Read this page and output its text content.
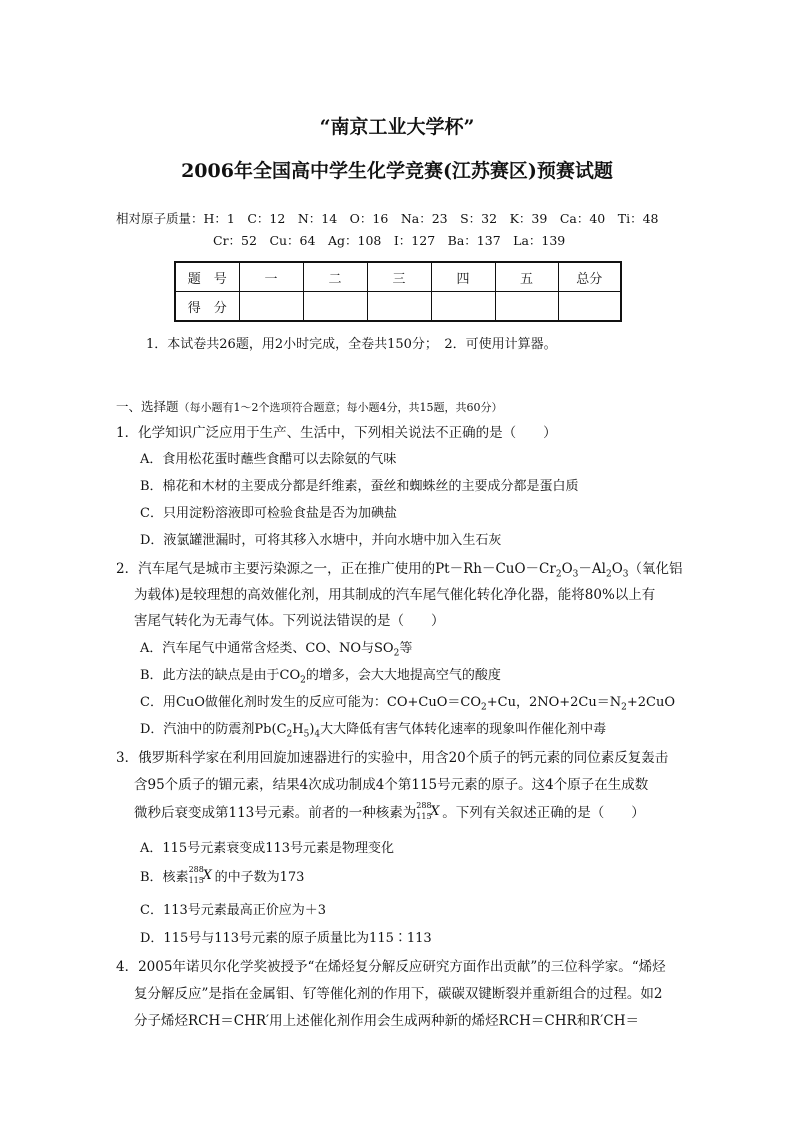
“南京工业大学杯”
2006年全国高中学生化学竞赛(江苏赛区)预赛试题
相对原子质量：H：1　C：12　N：14　O：16　Na：23　S：32　K：39　Ca：40　Ti：48
Cr：52　Cu：64　Ag：108　I：127　Ba：137　La：139
题　号	一	二	三	四	五	总分
得　分						
1．本试卷共26题，用2小时完成，全卷共150分；　2．可使用计算器。
一、选择题（每小题有1～2个选项符合题意；每小题4分，共15题，共60分）
1．化学知识广泛应用于生产、生活中，下列相关说法不正确的是（　　）
A．食用松花蛋时蘸些食醋可以去除氨的气味
B．棉花和木材的主要成分都是纤维素，蚕丝和蜘蛛丝的主要成分都是蛋白质
C．只用淀粉溶液即可检验食盐是否为加碘盐
D．液氯罐泄漏时，可将其移入水塘中，并向水塘中加入生石灰
2．汽车尾气是城市主要污染源之一，正在推广使用的$Pt-Rh-CuO-Cr_2O_3-Al_2O_3$（氧化铝
为载体)是较理想的高效催化剂，用其制成的汽车尾气催化转化净化器，能将80%以上有
害尾气转化为无毒气体。下列说法错误的是（　　）
A．汽车尾气中通常含烃类、CO、NO与$SO_2$等
B．此方法的缺点是由于$CO_2$的增多，会大大地提高空气的酸度
C．用CuO做催化剂时发生的反应可能为：$CO+CuO=CO_2+Cu$，$2NO+2Cu=N_2+2CuO$
D．汽油中的防震剂$Pb(C_2H_5)_4$大大降低有害气体转化速率的现象叫作催化剂中毒
3．俄罗斯科学家在利用回旋加速器进行的实验中，用含20个质子的钙元素的同位素反复轰击
含95个质子的镅元素，结果4次成功制成4个第115号元素的原子。这4个原子在生成数
微秒后衰变成第113号元素。前者的一种核素为 288
115
X 。下列有关叙述正确的是（　　）
A．115号元素衰变成113号元素是物理变化
B．核素
288
115
X 的中子数为173
C．113号元素最高正价应为＋3
D．115号与113号元素的原子质量比为115∶113
4．2005年诺贝尔化学奖被授予“在烯烃复分解反应研究方面作出贡献”的三位科学家。“烯烃
复分解反应”是指在金属钼、钌等催化剂的作用下，碳碳双键断裂并重新组合的过程。如2
分子烯烃RCH＝CHR′用上述催化剂作用会生成两种新的烯烃RCH＝CHR和R′CH＝
